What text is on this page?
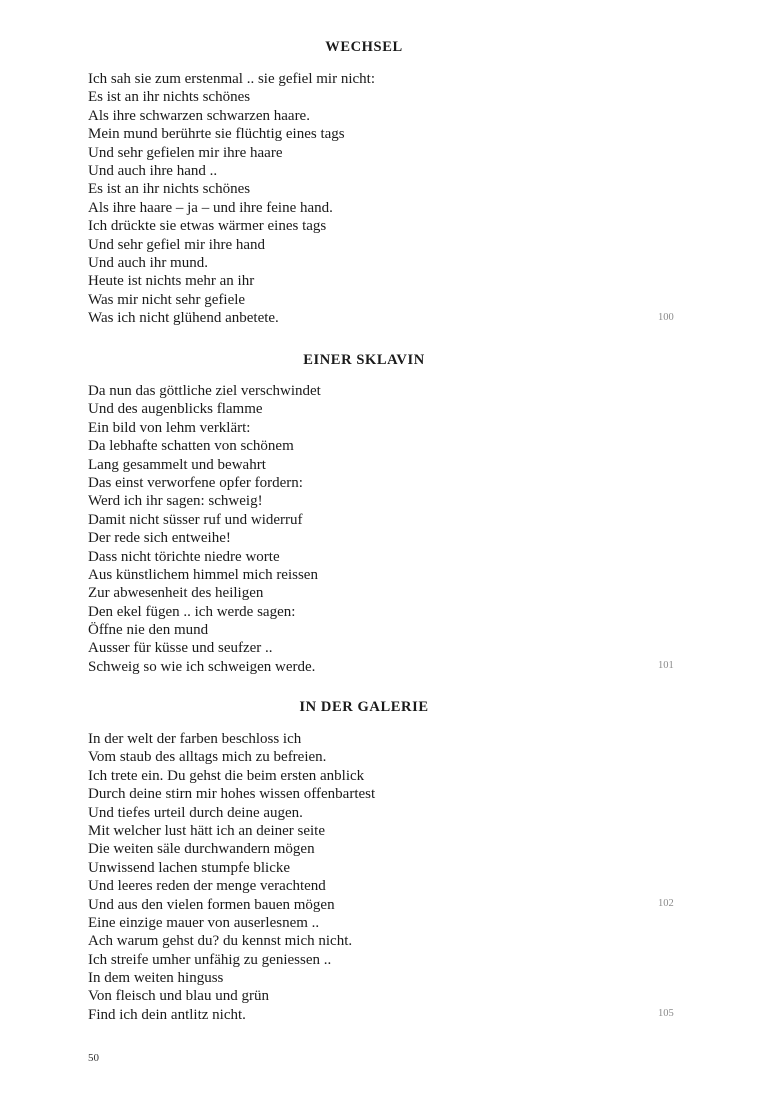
WECHSEL
Ich sah sie zum erstenmal .. sie gefiel mir nicht:
Es ist an ihr nichts schönes
Als ihre schwarzen schwarzen haare.
Mein mund berührte sie flüchtig eines tags
Und sehr gefielen mir ihre haare
Und auch ihre hand ..
Es ist an ihr nichts schönes
Als ihre haare – ja – und ihre feine hand.
Ich drückte sie etwas wärmer eines tags
Und sehr gefiel mir ihre hand
Und auch ihr mund.
Heute ist nichts mehr an ihr
Was mir nicht sehr gefiele
Was ich nicht glühend anbetete.	100
EINER SKLAVIN
Da nun das göttliche ziel verschwindet
Und des augenblicks flamme
Ein bild von lehm verklärt:
Da lebhafte schatten von schönem
Lang gesammelt und bewahrt
Das einst verworfene opfer fordern:
Werd ich ihr sagen: schweig!
Damit nicht süsser ruf und widerruf
Der rede sich entweihe!
Dass nicht törichte niedre worte
Aus künstlichem himmel mich reissen
Zur abwesenheit des heiligen
Den ekel fügen .. ich werde sagen:
Öffne nie den mund
Ausser für küsse und seufzer ..
Schweig so wie ich schweigen werde.	101
IN DER GALERIE
In der welt der farben beschloss ich
Vom staub des alltags mich zu befreien.
Ich trete ein. Du gehst die beim ersten anblick
Durch deine stirn mir hohes wissen offenbartest
Und tiefes urteil durch deine augen.
Mit welcher lust hätt ich an deiner seite
Die weiten säle durchwandern mögen
Unwissend lachen stumpfe blicke
Und leeres reden der menge verachtend
Und aus den vielen formen bauen mögen
Eine einzige mauer von auserlesnem ..
Ach warum gehst du? du kennst mich nicht.
Ich streife umher unfähig zu geniessen ..
In dem weiten hinguss
Von fleisch und blau und grün
Find ich dein antlitz nicht.
102
105
50
